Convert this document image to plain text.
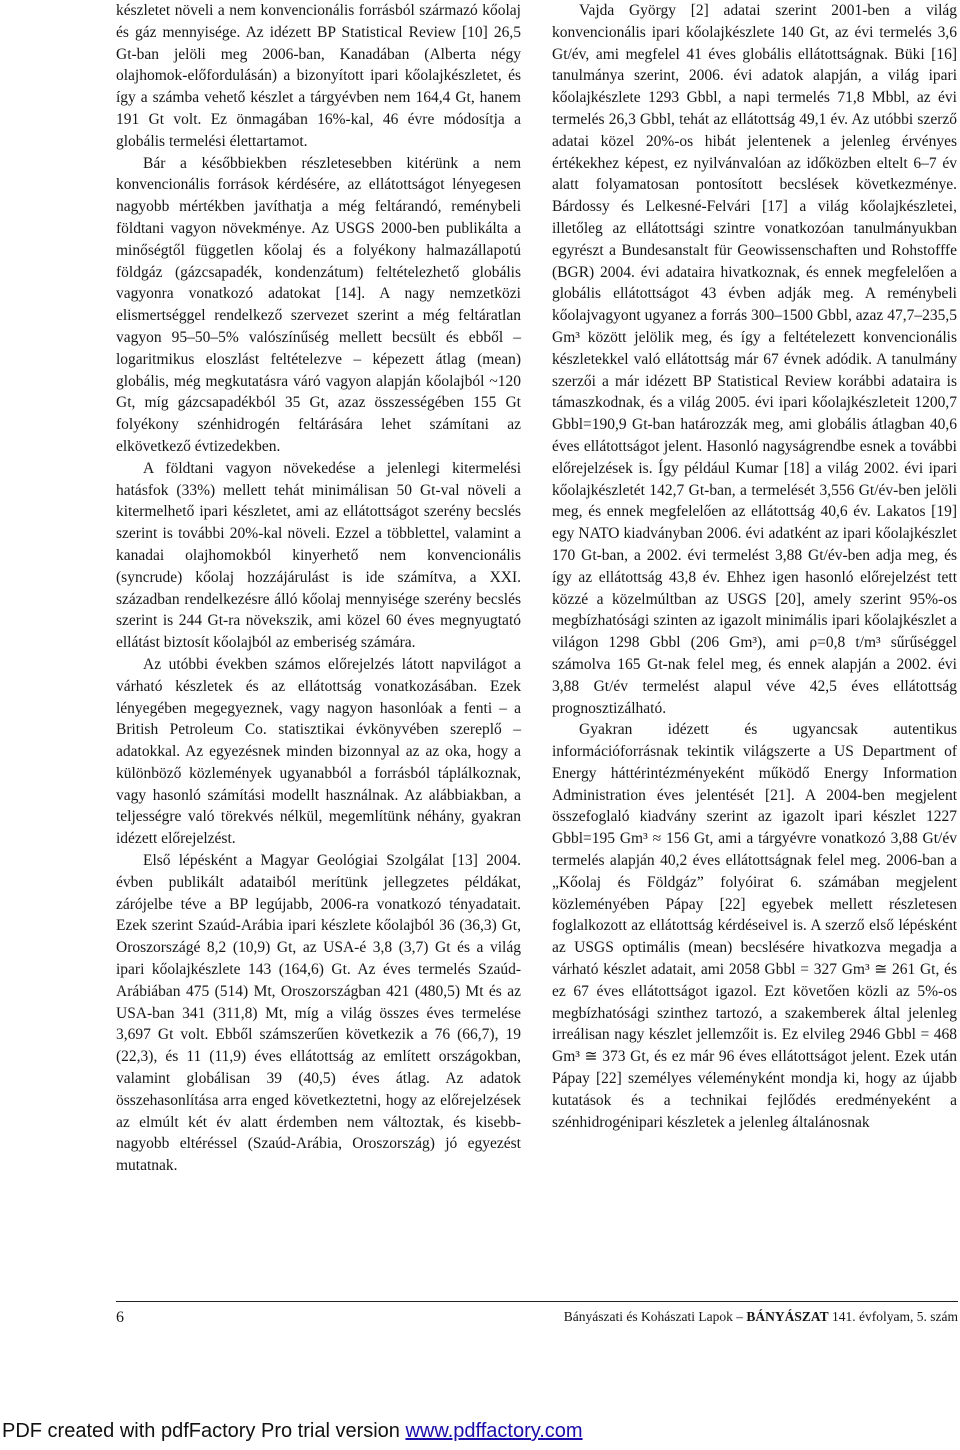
készletet növeli a nem konvencionális forrásból származó kőolaj és gáz mennyisége. Az idézett BP Statistical Review [10] 26,5 Gt-ban jelöli meg 2006-ban, Kanadában (Alberta négy olajhomok-előfordulásán) a bizonyított ipari kőolajkészletet, és így a számba vehető készlet a tárgyévben nem 164,4 Gt, hanem 191 Gt volt. Ez önmagában 16%-kal, 46 évre módosítja a globális termelési élettartamot.

Bár a későbbiekben részletesebben kitérünk a nem konvencionális források kérdésére, az ellátottságot lényegesen nagyobb mértékben javíthatja a még feltárandó, reménybeli földtani vagyon növekménye. Az USGS 2000-ben publikálta a minőségtől független kőolaj és a folyékony halmazállapotú földgáz (gázcsapadék, kondenzátum) feltételezhető globális vagyonra vonatkozó adatokat [14]. A nagy nemzetközi elismertséggel rendelkező szervezet szerint a még feltáratlan vagyon 95–50–5% valószínűség mellett becsült és ebből – logaritmikus eloszlást feltételezve – képezett átlag (mean) globális, még megkutatásra váró vagyon alapján kőolajból ~120 Gt, míg gázcsapadékból 35 Gt, azaz összességében 155 Gt folyékony szénhidrogén feltárására lehet számítani az elkövetkező évtizedekben.

A földtani vagyon növekedése a jelenlegi kitermelési hatásfok (33%) mellett tehát minimálisan 50 Gt-val növeli a kitermelhető ipari készletet, ami az ellátottságot szerény becslés szerint is további 20%-kal növeli. Ezzel a többlettel, valamint a kanadai olajhomokból kinyerhető nem konvencionális (syncrude) kőolaj hozzájárulást is ide számítva, a XXI. században rendelkezésre álló kőolaj mennyisége szerény becslés szerint is 244 Gt-ra növekszik, ami közel 60 éves megnyugtató ellátást biztosít kőolajból az emberiség számára.

Az utóbbi években számos előrejelzés látott napvilágot a várható készletek és az ellátottság vonatkozásában. Ezek lényegében megegyeznek, vagy nagyon hasonlóak a fenti – a British Petroleum Co. statisztikai évkönyvében szereplő – adatokkal. Az egyezésnek minden bizonnyal az az oka, hogy a különböző közlemények ugyanabból a forrásból táplálkoznak, vagy hasonló számítási modellt használnak. Az alábbiakban, a teljességre való törekvés nélkül, megemlítünk néhány, gyakran idézett előrejelzést.

Első lépésként a Magyar Geológiai Szolgálat [13] 2004. évben publikált adataiból merítünk jellegzetes példákat, zárójelbe téve a BP legújabb, 2006-ra vonatkozó tényadatait. Ezek szerint Szaúd-Arábia ipari készlete kőolajból 36 (36,3) Gt, Oroszországé 8,2 (10,9) Gt, az USA-é 3,8 (3,7) Gt és a világ ipari kőolajkészlete 143 (164,6) Gt. Az éves termelés Szaúd-Arábiában 475 (514) Mt, Oroszországban 421 (480,5) Mt és az USA-ban 341 (311,8) Mt, míg a világ összes éves termelése 3,697 Gt volt. Ebből számszerűen következik a 76 (66,7), 19 (22,3), és 11 (11,9) éves ellátottság az említett országokban, valamint globálisan 39 (40,5) éves átlag. Az adatok összehasonlítása arra enged következtetni, hogy az előrejelzések az elmúlt két év alatt érdemben nem változtak, és kisebb-nagyobb eltéréssel (Szaúd-Arábia, Oroszország) jó egyezést mutatnak.

Vajda György [2] adatai szerint 2001-ben a világ konvencionális ipari kőolajkészlete 140 Gt, az évi termelés 3,6 Gt/év, ami megfelel 41 éves globális ellátottságnak. Büki [16] tanulmánya szerint, 2006. évi adatok alapján, a világ ipari kőolajkészlete 1293 Gbbl, a napi termelés 71,8 Mbbl, az évi termelés 26,3 Gbbl, tehát az ellátottság 49,1 év. Az utóbbi szerző adatai közel 20%-os hibát jelentenek a jelenleg érvényes értékekhez képest, ez nyilvánvalóan az időközben eltelt 6–7 év alatt folyamatosan pontosított becslések következménye. Bárdossy és Lelkesné-Felvári [17] a világ kőolajkészletei, illetőleg az ellátottsági szintre vonatkozóan tanulmányukban egyrészt a Bundesanstalt für Geowissenschaften und Rohstofffe (BGR) 2004. évi adataira hivatkoznak, és ennek megfelelően a globális ellátottságot 43 évben adják meg. A reménybeli kőolajvagyont ugyanez a forrás 300–1500 Gbbl, azaz 47,7–235,5 Gm³ között jelölik meg, és így a feltételezett konvencionális készletekkel való ellátottság már 67 évnek adódik. A tanulmány szerzői a már idézett BP Statistical Review korábbi adataira is támaszkodnak, és a világ 2005. évi ipari kőolajkészleteit 1200,7 Gbbl=190,9 Gt-ban határozzák meg, ami globális átlagban 40,6 éves ellátottságot jelent. Hasonló nagyságrendbe esnek a további előrejelzések is. Így például Kumar [18] a világ 2002. évi ipari kőolajkészletét 142,7 Gt-ban, a termelését 3,556 Gt/év-ben jelöli meg, és ennek megfelelően az ellátottság 40,6 év. Lakatos [19] egy NATO kiadványban 2006. évi adatként az ipari kőolajkészlet 170 Gt-ban, a 2002. évi termelést 3,88 Gt/év-ben adja meg, és így az ellátottság 43,8 év. Ehhez igen hasonló előrejelzést tett közzé a közelmúltban az USGS [20], amely szerint 95%-os megbízhatósági szinten az igazolt minimális ipari kőolajkészlet a világon 1298 Gbbl (206 Gm³), ami ρ=0,8 t/m³ sűrűséggel számolva 165 Gt-nak felel meg, és ennek alapján a 2002. évi 3,88 Gt/év termelést alapul véve 42,5 éves ellátottság prognosztizálható.

Gyakran idézett és ugyancsak autentikus információforrásnak tekintik világszerte a US Department of Energy háttérintézményeként működő Energy Information Administration éves jelentését [21]. A 2004-ben megjelent összefoglaló kiadvány szerint az igazolt ipari készlet 1227 Gbbl=195 Gm³ ≈ 156 Gt, ami a tárgyévre vonatkozó 3,88 Gt/év termelés alapján 40,2 éves ellátottságnak felel meg. 2006-ban a „Kőolaj és Földgáz” folyóirat 6. számában megjelent közleményében Pápay [22] egyebek mellett részletesen foglalkozott az ellátottság kérdéseivel is. A szerző első lépésként az USGS optimális (mean) becslésére hivatkozva megadja a várható készlet adatait, ami 2058 Gbbl = 327 Gm³ ≅ 261 Gt, és ez 67 éves ellátottságot igazol. Ezt követően közli az 5%-os megbízhatósági szinthez tartozó, a szakemberek által jelenleg irreálisan nagy készlet jellemzőit is. Ez elvileg 2946 Gbbl = 468 Gm³ ≅ 373 Gt, és ez már 96 éves ellátottságot jelent. Ezek után Pápay [22] személyes véleményként mondja ki, hogy az újabb kutatások és a technikai fejlődés eredményeként a szénhidrogénipari készletek a jelenleg általánosnak

6	Bányászati és Kohászati Lapok – BÁNYÁSZAT 141. évfolyam, 5. szám
PDF created with pdfFactory Pro trial version www.pdffactory.com
